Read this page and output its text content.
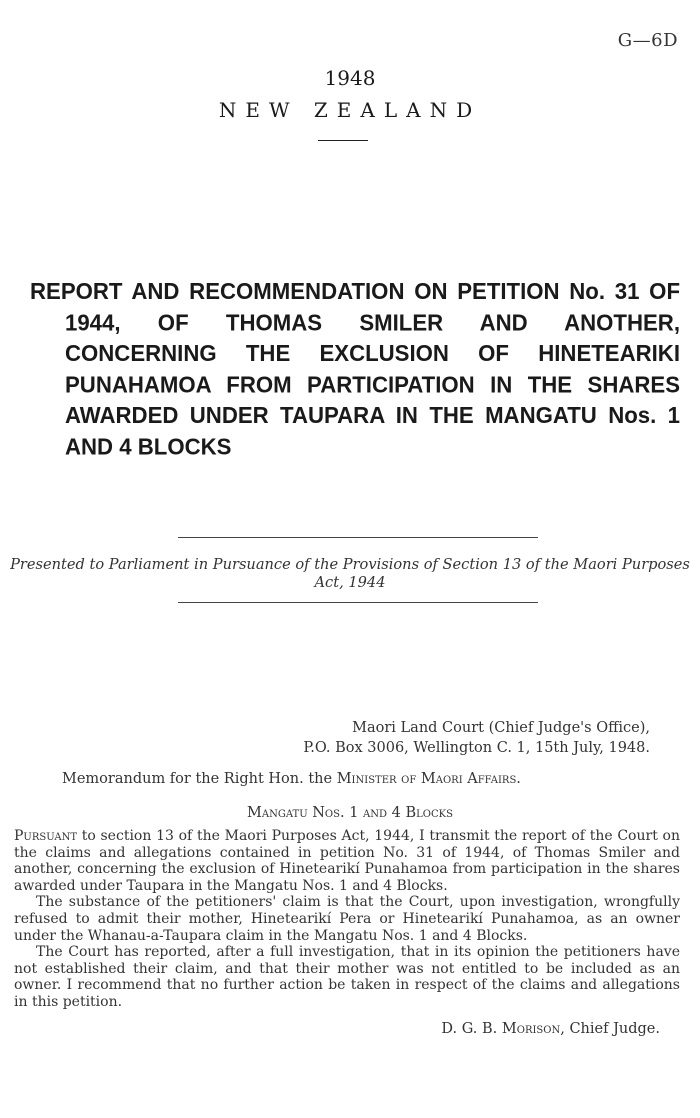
G—6D
1948
NEW ZEALAND
REPORT AND RECOMMENDATION ON PETITION No. 31 OF 1944, OF THOMAS SMILER AND ANOTHER, CONCERNING THE EXCLUSION OF HINETEARIKI PUNAHAMOA FROM PARTICIPATION IN THE SHARES AWARDED UNDER TAUPARA IN THE MANGATU Nos. 1 AND 4 BLOCKS
Presented to Parliament in Pursuance of the Provisions of Section 13 of the Maori Purposes
Act, 1944
Maori Land Court (Chief Judge's Office),
P.O. Box 3006, Wellington C. 1, 15th July, 1948.
Memorandum for the Right Hon. the Minister of Maori Affairs.
Mangatu Nos. 1 and 4 Blocks

Pursuant to section 13 of the Maori Purposes Act, 1944, I transmit the report of the Court on the claims and allegations contained in petition No. 31 of 1944, of Thomas Smiler and another, concerning the exclusion of Hinetearikí Punahamoa from participation in the shares awarded under Taupara in the Mangatu Nos. 1 and 4 Blocks.

The substance of the petitioners' claim is that the Court, upon investigation, wrongfully refused to admit their mother, Hinetearikí Pera or Hinetearikí Punahamoa, as an owner under the Whanau-a-Taupara claim in the Mangatu Nos. 1 and 4 Blocks.

The Court has reported, after a full investigation, that in its opinion the petitioners have not established their claim, and that their mother was not entitled to be included as an owner. I recommend that no further action be taken in respect of the claims and allegations in this petition.

D. G. B. Morison, Chief Judge.
